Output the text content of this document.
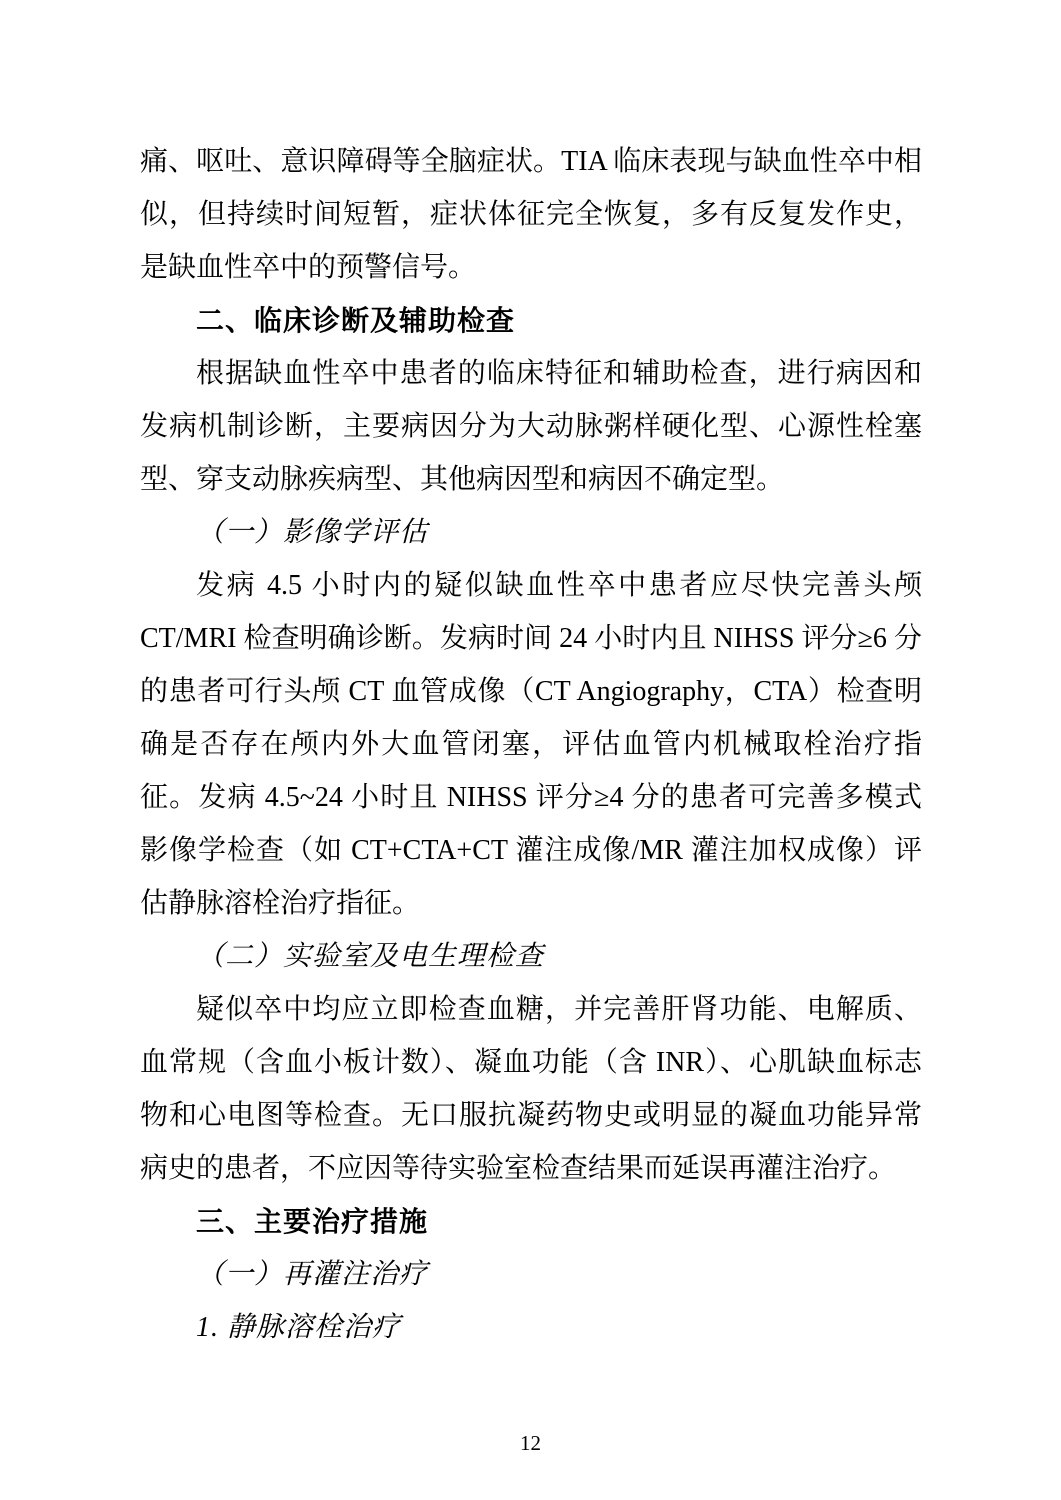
痛、呕吐、意识障碍等全脑症状。TIA 临床表现与缺血性卒中相似，但持续时间短暂，症状体征完全恢复，多有反复发作史，是缺血性卒中的预警信号。

二、临床诊断及辅助检查

根据缺血性卒中患者的临床特征和辅助检查，进行病因和发病机制诊断，主要病因分为大动脉粥样硬化型、心源性栓塞型、穿支动脉疾病型、其他病因型和病因不确定型。

（一）影像学评估

发病 4.5 小时内的疑似缺血性卒中患者应尽快完善头颅 CT/MRI 检查明确诊断。发病时间 24 小时内且 NIHSS 评分≥6 分的患者可行头颅 CT 血管成像（CT Angiography，CTA）检查明确是否存在颅内外大血管闭塞，评估血管内机械取栓治疗指征。发病 4.5~24 小时且 NIHSS 评分≥4 分的患者可完善多模式影像学检查（如 CT+CTA+CT 灌注成像/MR 灌注加权成像）评估静脉溶栓治疗指征。

（二）实验室及电生理检查

疑似卒中均应立即检查血糖，并完善肝肾功能、电解质、血常规（含血小板计数）、凝血功能（含 INR）、心肌缺血标志物和心电图等检查。无口服抗凝药物史或明显的凝血功能异常病史的患者，不应因等待实验室检查结果而延误再灌注治疗。

三、主要治疗措施

（一）再灌注治疗

1. 静脉溶栓治疗

12
